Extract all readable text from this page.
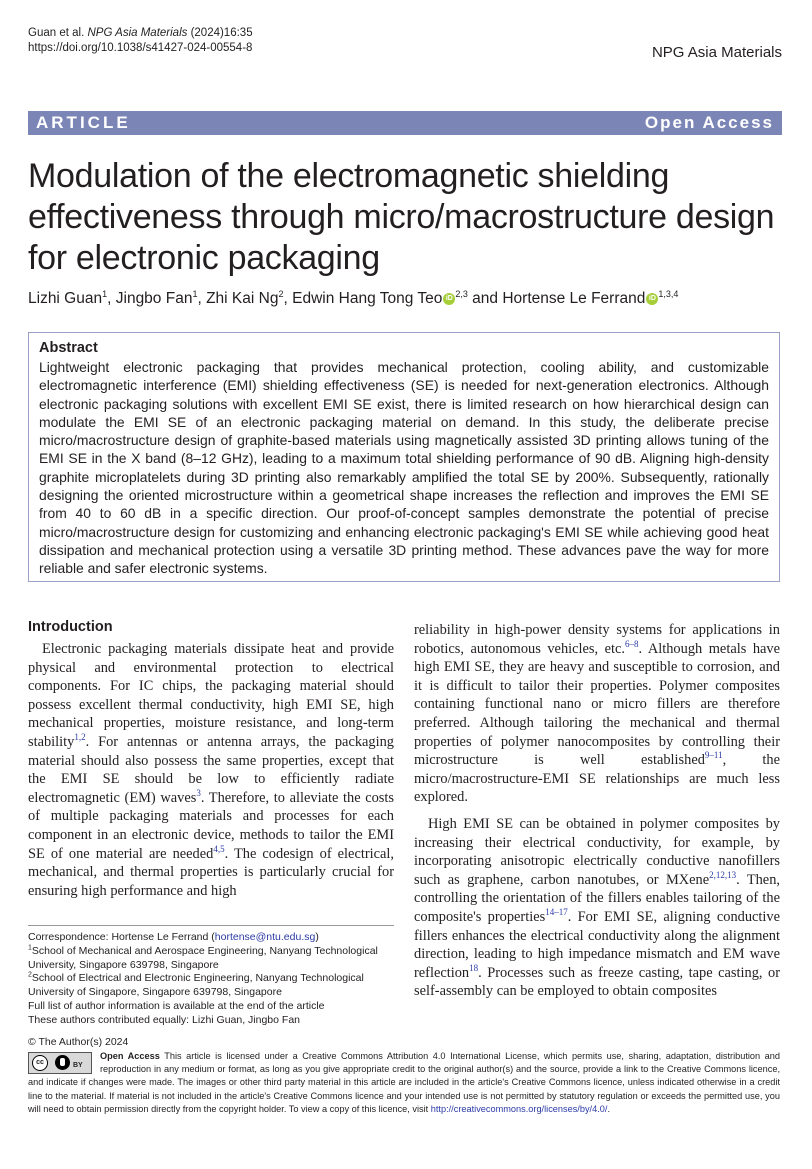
Guan et al. NPG Asia Materials (2024)16:35
https://doi.org/10.1038/s41427-024-00554-8	NPG Asia Materials
ARTICLE	Open Access
Modulation of the electromagnetic shielding effectiveness through micro/macrostructure design for electronic packaging
Lizhi Guan$^1$, Jingbo Fan$^1$, Zhi Kai Ng$^2$, Edwin Hang Tong Teo iD $^{2,3}$ and Hortense Le Ferrand iD $^{1,3,4}$
Abstract

Lightweight electronic packaging that provides mechanical protection, cooling ability, and customizable electromagnetic interference (EMI) shielding effectiveness (SE) is needed for next-generation electronics. Although electronic packaging solutions with excellent EMI SE exist, there is limited research on how hierarchical design can modulate the EMI SE of an electronic packaging material on demand. In this study, the deliberate precise micro/macrostructure design of graphite-based materials using magnetically assisted 3D printing allows tuning of the EMI SE in the X band (8–12 GHz), leading to a maximum total shielding performance of 90 dB. Aligning high-density graphite microplatelets during 3D printing also remarkably amplified the total SE by 200%. Subsequently, rationally designing the oriented microstructure within a geometrical shape increases the reflection and improves the EMI SE from 40 to 60 dB in a specific direction. Our proof-of-concept samples demonstrate the potential of precise micro/macrostructure design for customizing and enhancing electronic packaging's EMI SE while achieving good heat dissipation and mechanical protection using a versatile 3D printing method. These advances pave the way for more reliable and safer electronic systems.

Introduction

Electronic packaging materials dissipate heat and provide physical and environmental protection to electrical components. For IC chips, the packaging material should possess excellent thermal conductivity, high EMI SE, high mechanical properties, moisture resistance, and long-term stability$^{1,2}$. For antennas or antenna arrays, the packaging material should also possess the same properties, except that the EMI SE should be low to efficiently radiate electromagnetic (EM) waves$^3$. Therefore, to alleviate the costs of multiple packaging materials and processes for each component in an electronic device, methods to tailor the EMI SE of one material are needed$^{4,5}$. The codesign of electrical, mechanical, and thermal properties is particularly crucial for ensuring high performance and high

reliability in high-power density systems for applications in robotics, autonomous vehicles, etc.$^{6-8}$. Although metals have high EMI SE, they are heavy and susceptible to corrosion, and it is difficult to tailor their properties. Polymer composites containing functional nano or micro fillers are therefore preferred. Although tailoring the mechanical and thermal properties of polymer nanocomposites by controlling their microstructure is well established$^{9-11}$, the micro/macrostructure-EMI SE relationships are much less explored.

High EMI SE can be obtained in polymer composites by increasing their electrical conductivity, for example, by incorporating anisotropic electrically conductive nanofillers such as graphene, carbon nanotubes, or MXene$^{2,12,13}$. Then, controlling the orientation of the fillers enables tailoring of the composite's properties$^{14-17}$. For EMI SE, aligning conductive fillers enhances the electrical conductivity along the alignment direction, leading to high impedance mismatch and EM wave reflection$^{18}$. Processes such as freeze casting, tape casting, or self-assembly can be employed to obtain composites

Correspondence: Hortense Le Ferrand (hortense@ntu.edu.sg)
$^1$School of Mechanical and Aerospace Engineering, Nanyang Technological University, Singapore 639798, Singapore
$^2$School of Electrical and Electronic Engineering, Nanyang Technological University of Singapore, Singapore 639798, Singapore
Full list of author information is available at the end of the article
These authors contributed equally: Lizhi Guan, Jingbo Fan
© The Author(s) 2024
cc	BY
Open Access This article is licensed under a Creative Commons Attribution 4.0 International License, which permits use, sharing, adaptation, distribution and reproduction in any medium or format, as long as you give appropriate credit to the original author(s) and the source, provide a link to the Creative Commons licence, and indicate if changes were made. The images or other third party material in this article are included in the article's Creative Commons licence, unless indicated otherwise in a credit line to the material. If material is not included in the article's Creative Commons licence and your intended use is not permitted by statutory regulation or exceeds the permitted use, you will need to obtain permission directly from the copyright holder. To view a copy of this licence, visit http://creativecommons.org/licenses/by/4.0/.
